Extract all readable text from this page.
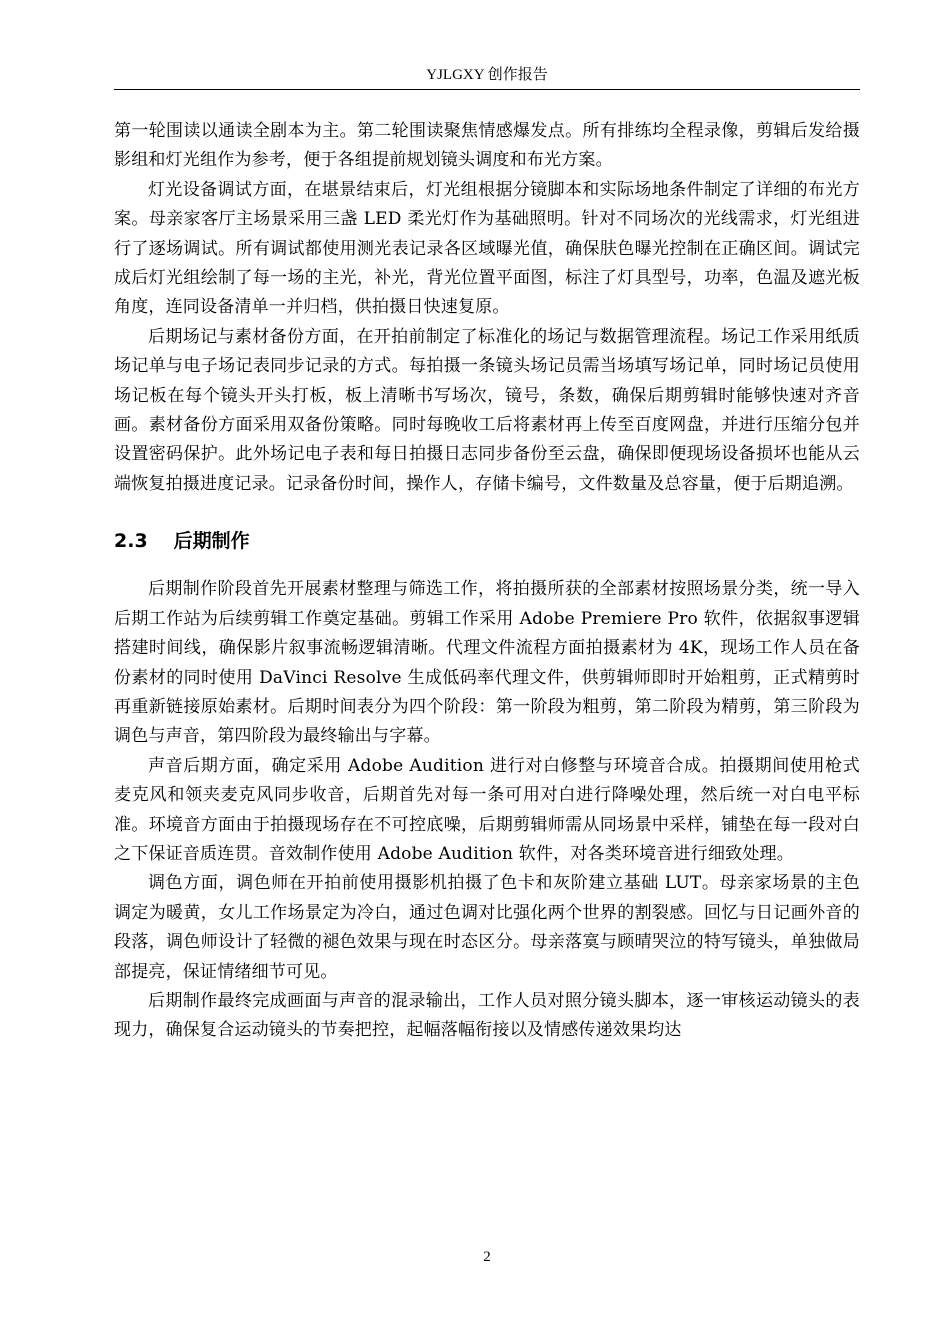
YJLGXY 创作报告

第一轮围读以通读全剧本为主。第二轮围读聚焦情感爆发点。所有排练均全程录像，剪辑后发给摄影组和灯光组作为参考，便于各组提前规划镜头调度和布光方案。

灯光设备调试方面，在堪景结束后，灯光组根据分镜脚本和实际场地条件制定了详细的布光方案。母亲家客厅主场景采用三盏 LED 柔光灯作为基础照明。针对不同场次的光线需求，灯光组进行了逐场调试。所有调试都使用测光表记录各区域曝光值，确保肤色曝光控制在正确区间。调试完成后灯光组绘制了每一场的主光，补光，背光位置平面图，标注了灯具型号，功率，色温及遮光板角度，连同设备清单一并归档，供拍摄日快速复原。

后期场记与素材备份方面，在开拍前制定了标准化的场记与数据管理流程。场记工作采用纸质场记单与电子场记表同步记录的方式。每拍摄一条镜头场记员需当场填写场记单，同时场记员使用场记板在每个镜头开头打板，板上清晰书写场次，镜号，条数，确保后期剪辑时能够快速对齐音画。素材备份方面采用双备份策略。同时每晚收工后将素材再上传至百度网盘，并进行压缩分包并设置密码保护。此外场记电子表和每日拍摄日志同步备份至云盘，确保即便现场设备损坏也能从云端恢复拍摄进度记录。记录备份时间，操作人，存储卡编号，文件数量及总容量，便于后期追溯。

2.3 后期制作

后期制作阶段首先开展素材整理与筛选工作，将拍摄所获的全部素材按照场景分类，统一导入后期工作站为后续剪辑工作奠定基础。剪辑工作采用 Adobe Premiere Pro 软件，依据叙事逻辑搭建时间线，确保影片叙事流畅逻辑清晰。代理文件流程方面拍摄素材为 4K，现场工作人员在备份素材的同时使用 DaVinci Resolve 生成低码率代理文件，供剪辑师即时开始粗剪，正式精剪时再重新链接原始素材。后期时间表分为四个阶段：第一阶段为粗剪，第二阶段为精剪，第三阶段为调色与声音，第四阶段为最终输出与字幕。

声音后期方面，确定采用 Adobe Audition 进行对白修整与环境音合成。拍摄期间使用枪式麦克风和领夹麦克风同步收音，后期首先对每一条可用对白进行降噪处理，然后统一对白电平标准。环境音方面由于拍摄现场存在不可控底噪，后期剪辑师需从同场景中采样，铺垫在每一段对白之下保证音质连贯。音效制作使用 Adobe Audition 软件，对各类环境音进行细致处理。

调色方面，调色师在开拍前使用摄影机拍摄了色卡和灰阶建立基础 LUT。母亲家场景的主色调定为暖黄，女儿工作场景定为冷白，通过色调对比强化两个世界的割裂感。回忆与日记画外音的段落，调色师设计了轻微的褪色效果与现在时态区分。母亲落寞与顾晴哭泣的特写镜头，单独做局部提亮，保证情绪细节可见。

后期制作最终完成画面与声音的混录输出，工作人员对照分镜头脚本，逐一审核运动镜头的表现力，确保复合运动镜头的节奏把控，起幅落幅衔接以及情感传递效果均达

2
